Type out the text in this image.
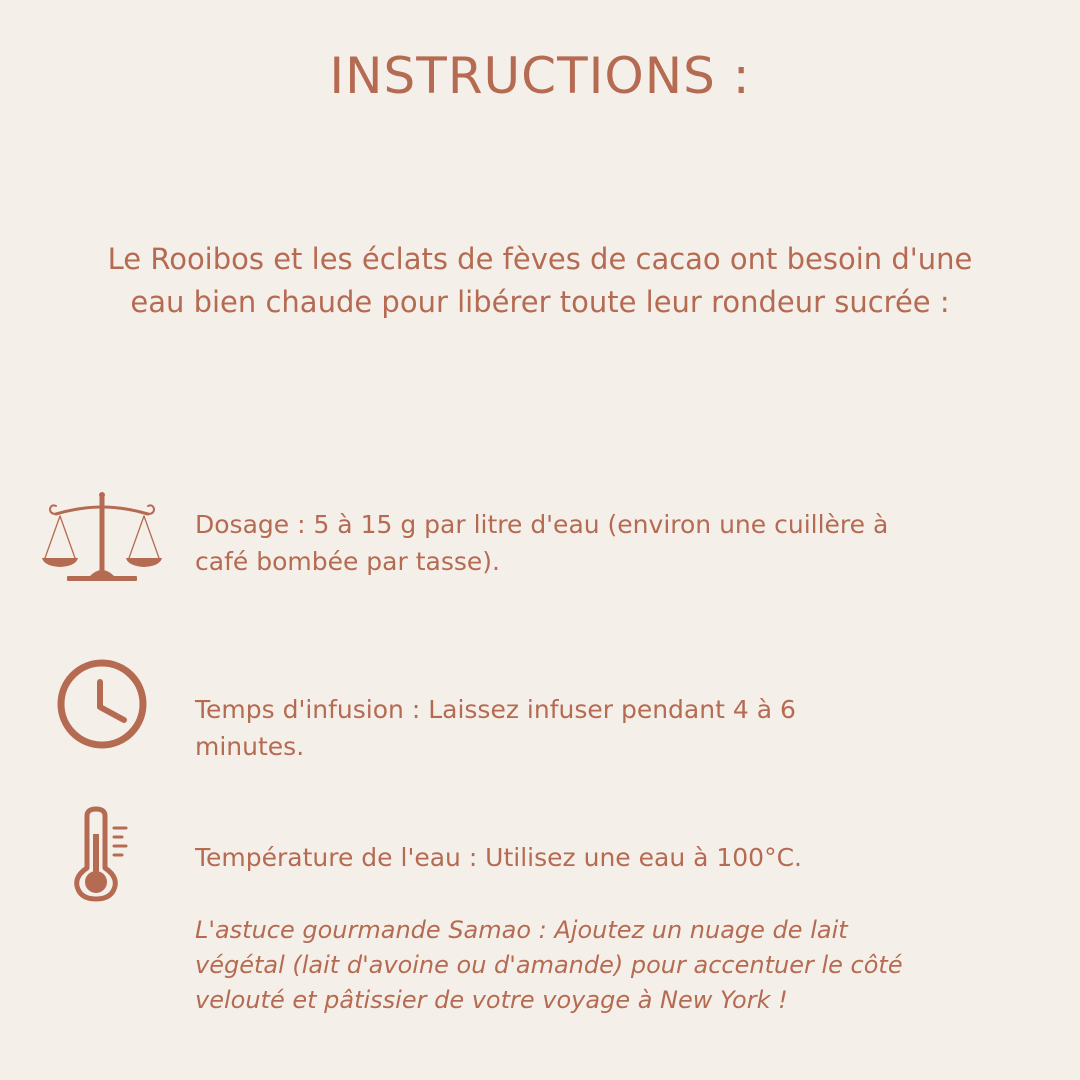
INSTRUCTIONS :

Le Rooibos et les éclats de fèves de cacao ont besoin d'une
eau bien chaude pour libérer toute leur rondeur sucrée :

Dosage : 5 à 15 g par litre d'eau (environ une cuillère à
café bombée par tasse).

Temps d'infusion : Laissez infuser pendant 4 à 6
minutes.

Température de l'eau : Utilisez une eau à 100°C.

L'astuce gourmande Samao : Ajoutez un nuage de lait
végétal (lait d'avoine ou d'amande) pour accentuer le côté
velouté et pâtissier de votre voyage à New York !
